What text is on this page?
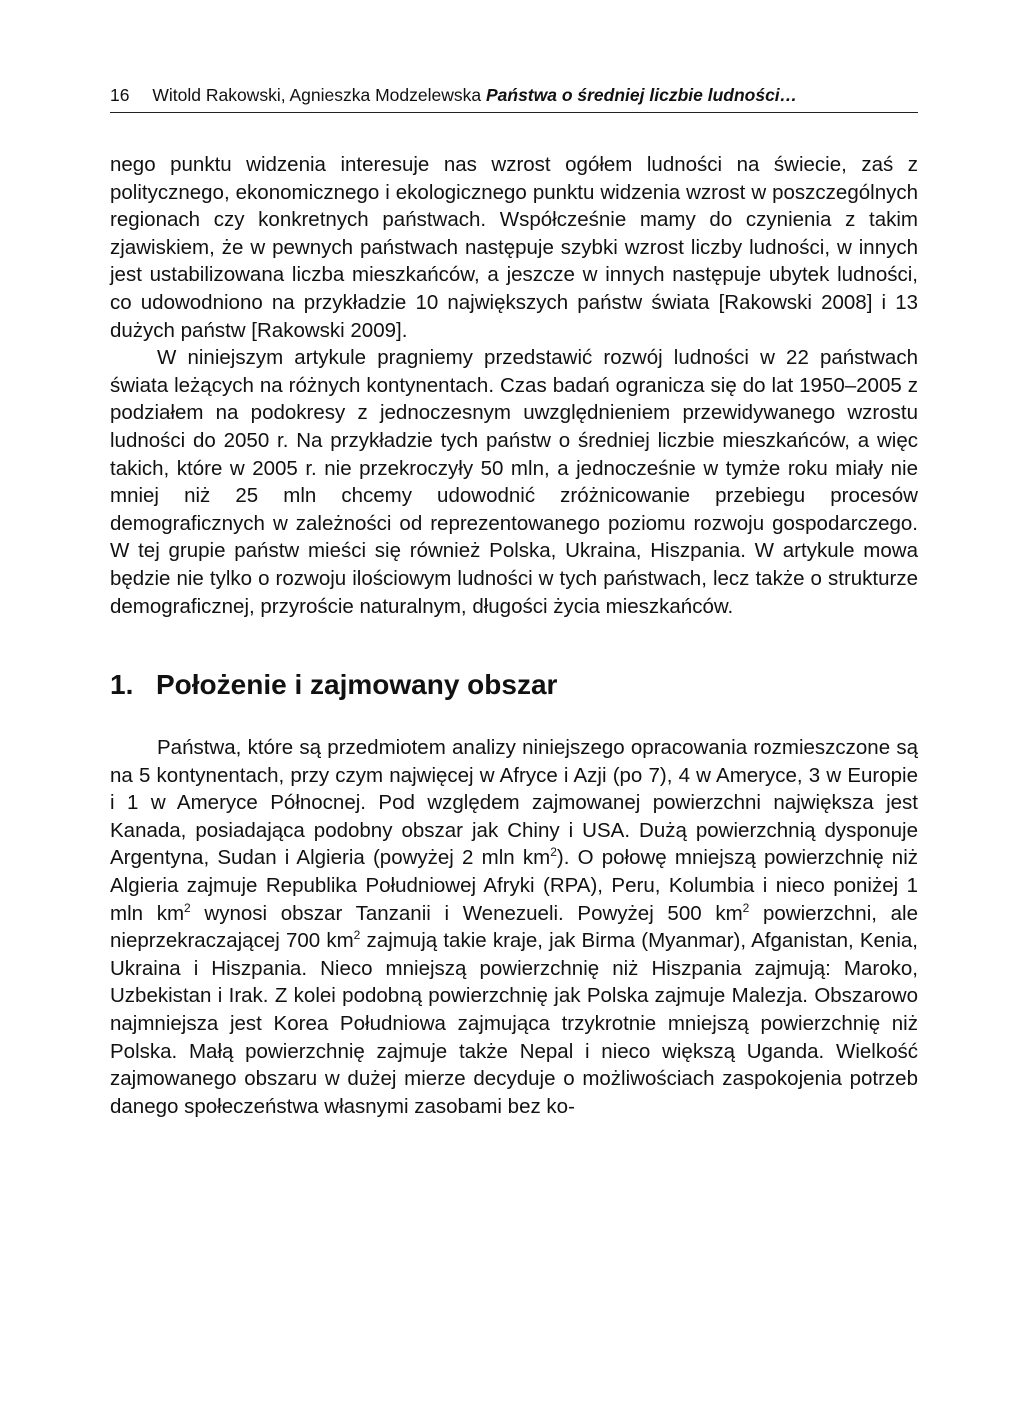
16 Witold Rakowski, Agnieszka Modzelewska Państwa o średniej liczbie ludności…

nego punktu widzenia interesuje nas wzrost ogółem ludności na świecie, zaś z politycznego, ekonomicznego i ekologicznego punktu widzenia wzrost w poszczególnych regionach czy konkretnych państwach. Współcześnie mamy do czynienia z takim zjawiskiem, że w pewnych państwach następuje szybki wzrost liczby ludności, w innych jest ustabilizowana liczba mieszkańców, a jeszcze w innych następuje ubytek ludności, co udowodniono na przykładzie 10 największych państw świata [Rakowski 2008] i 13 dużych państw [Rakowski 2009].

W niniejszym artykule pragniemy przedstawić rozwój ludności w 22 państwach świata leżących na różnych kontynentach. Czas badań ogranicza się do lat 1950–2005 z podziałem na podokresy z jednoczesnym uwzględnieniem przewidywanego wzrostu ludności do 2050 r. Na przykładzie tych państw o średniej liczbie mieszkańców, a więc takich, które w 2005 r. nie przekroczyły 50 mln, a jednocześnie w tymże roku miały nie mniej niż 25 mln chcemy udowodnić zróżnicowanie przebiegu procesów demograficznych w zależności od reprezentowanego poziomu rozwoju gospodarczego. W tej grupie państw mieści się również Polska, Ukraina, Hiszpania. W artykule mowa będzie nie tylko o rozwoju ilościowym ludności w tych państwach, lecz także o strukturze demograficznej, przyroście naturalnym, długości życia mieszkańców.

1. Położenie i zajmowany obszar

Państwa, które są przedmiotem analizy niniejszego opracowania rozmieszczone są na 5 kontynentach, przy czym najwięcej w Afryce i Azji (po 7), 4 w Ameryce, 3 w Europie i 1 w Ameryce Północnej. Pod względem zajmowanej powierzchni największa jest Kanada, posiadająca podobny obszar jak Chiny i USA. Dużą powierzchnią dysponuje Argentyna, Sudan i Algieria (powyżej 2 mln $km^2$). O połowę mniejszą powierzchnię niż Algieria zajmuje Republika Południowej Afryki (RPA), Peru, Kolumbia i nieco poniżej 1 mln $km^2$ wynosi obszar Tanzanii i Wenezueli. Powyżej 500 $km^2$ powierzchni, ale nieprzekraczającej 700 $km^2$ zajmują takie kraje, jak Birma (Myanmar), Afganistan, Kenia, Ukraina i Hiszpania. Nieco mniejszą powierzchnię niż Hiszpania zajmują: Maroko, Uzbekistan i Irak. Z kolei podobną powierzchnię jak Polska zajmuje Malezja. Obszarowo najmniejsza jest Korea Południowa zajmująca trzykrotnie mniejszą powierzchnię niż Polska. Małą powierzchnię zajmuje także Nepal i nieco większą Uganda. Wielkość zajmowanego obszaru w dużej mierze decyduje o możliwościach zaspokojenia potrzeb danego społeczeństwa własnymi zasobami bez ko-
